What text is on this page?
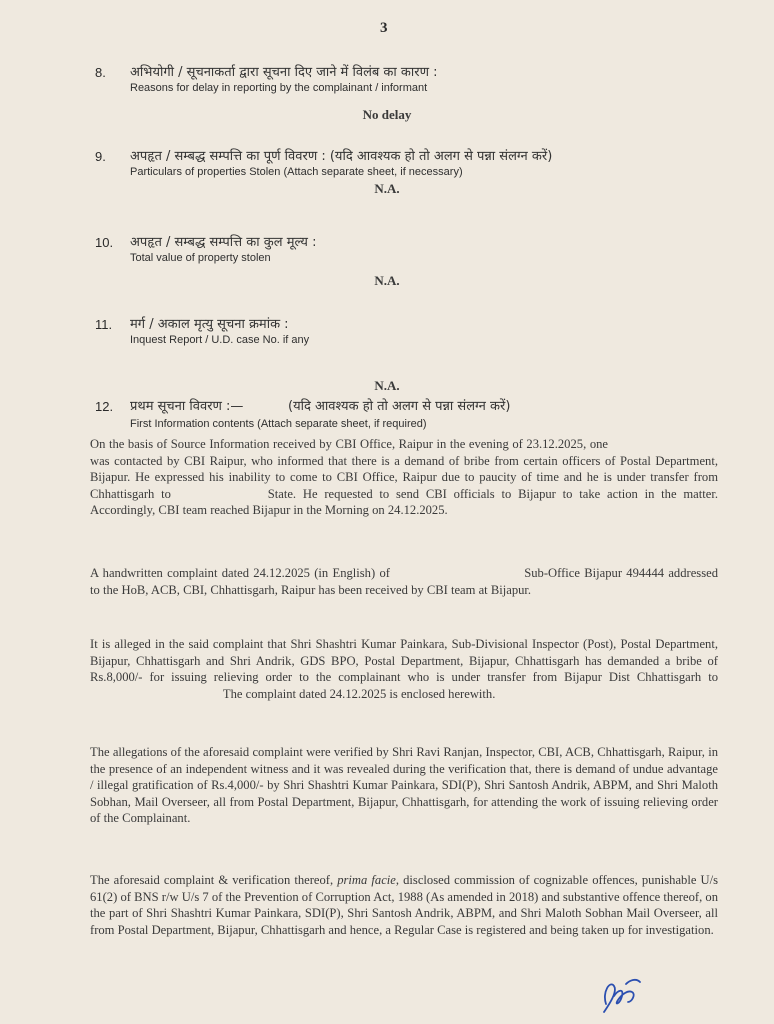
3
8. अभियोगी / सूचनाकर्ता द्वारा सूचना दिए जाने में विलंब का कारण :
Reasons for delay in reporting by the complainant / informant
No delay
9. अपहृत / सम्बद्ध सम्पत्ति का पूर्ण विवरण : (यदि आवश्यक हो तो अलग से पन्ना संलग्न करें)
Particulars of properties Stolen (Attach separate sheet, if necessary)
N.A.
10. अपहृत / सम्बद्ध सम्पत्ति का कुल मूल्य :
Total value of property stolen
N.A.
11. मर्ग / अकाल मृत्यु सूचना क्रमांक :
Inquest Report / U.D. case No. if any
N.A.
12. प्रथम सूचना विवरण :—	(यदि आवश्यक हो तो अलग से पन्ना संलग्न करें)
First Information contents (Attach separate sheet, if required)

On the basis of Source Information received by CBI Office, Raipur in the evening of 23.12.2025, onewas contacted by CBI Raipur, who informed that there is a demand of bribe from certain officers of Postal Department, Bijapur. He expressed his inability to come to CBI Office, Raipur due to paucity of time and he is under transfer from Chhattisgarh to	State. He requested to send CBI officials to Bijapur to take action in the matter. Accordingly, CBI team reached Bijapur in the Morning on 24.12.2025.

A handwritten complaint dated 24.12.2025 (in English) of	Sub-Office Bijapur 494444 addressed to the HoB, ACB, CBI, Chhattisgarh, Raipur has been received by CBI team at Bijapur.

It is alleged in the said complaint that Shri Shashtri Kumar Painkara, Sub-Divisional Inspector (Post), Postal Department, Bijapur, Chhattisgarh and Shri Andrik, GDS BPO, Postal Department, Bijapur, Chhattisgarh has demanded a bribe of Rs.8,000/- for issuing relieving order to the complainant who is under transfer from Bijapur Dist Chhattisgarh to The complaint dated 24.12.2025 is enclosed herewith.

The allegations of the aforesaid complaint were verified by Shri Ravi Ranjan, Inspector, CBI, ACB, Chhattisgarh, Raipur, in the presence of an independent witness and it was revealed during the verification that, there is demand of undue advantage / illegal gratification of Rs.4,000/- by Shri Shashtri Kumar Painkara, SDI(P), Shri Santosh Andrik, ABPM, and Shri Maloth Sobhan, Mail Overseer, all from Postal Department, Bijapur, Chhattisgarh, for attending the work of issuing relieving order of the Complainant.

The aforesaid complaint & verification thereof, prima facie, disclosed commission of cognizable offences, punishable U/s 61(2) of BNS r/w U/s 7 of the Prevention of Corruption Act, 1988 (As amended in 2018) and substantive offence thereof, on the part of Shri Shashtri Kumar Painkara, SDI(P), Shri Santosh Andrik, ABPM, and Shri Maloth Sobhan Mail Overseer, all from Postal Department, Bijapur, Chhattisgarh and hence, a Regular Case is registered and being taken up for investigation.
